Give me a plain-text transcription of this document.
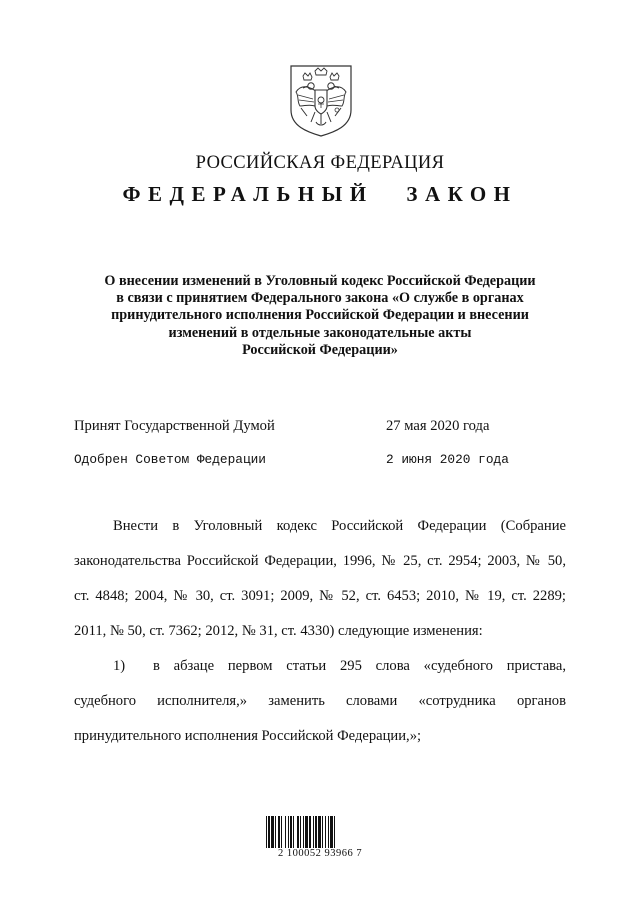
РОССИЙСКАЯ ФЕДЕРАЦИЯ
ФЕДЕРАЛЬНЫЙ ЗАКОН
О внесении изменений в Уголовный кодекс Российской Федерации
в связи с принятием Федерального закона «О службе в органах
принудительного исполнения Российской Федерации и внесении
изменений в отдельные законодательные акты
Российской Федерации»
Принят Государственной Думой	27 мая 2020 года
Одобрен Советом Федерации	2 июня 2020 года
Внести в Уголовный кодекс Российской Федерации (Собрание
законодательства Российской Федерации, 1996, № 25, ст. 2954; 2003, № 50,
ст. 4848; 2004, № 30, ст. 3091; 2009, № 52, ст. 6453; 2010, № 19, ст. 2289;
2011, № 50, ст. 7362; 2012, № 31, ст. 4330) следующие изменения:
1) в абзаце первом статьи 295 слова «судебного пристава,
судебного исполнителя,» заменить словами «сотрудника органов
принудительного исполнения Российской Федерации,»;
2 100052 93966 7
